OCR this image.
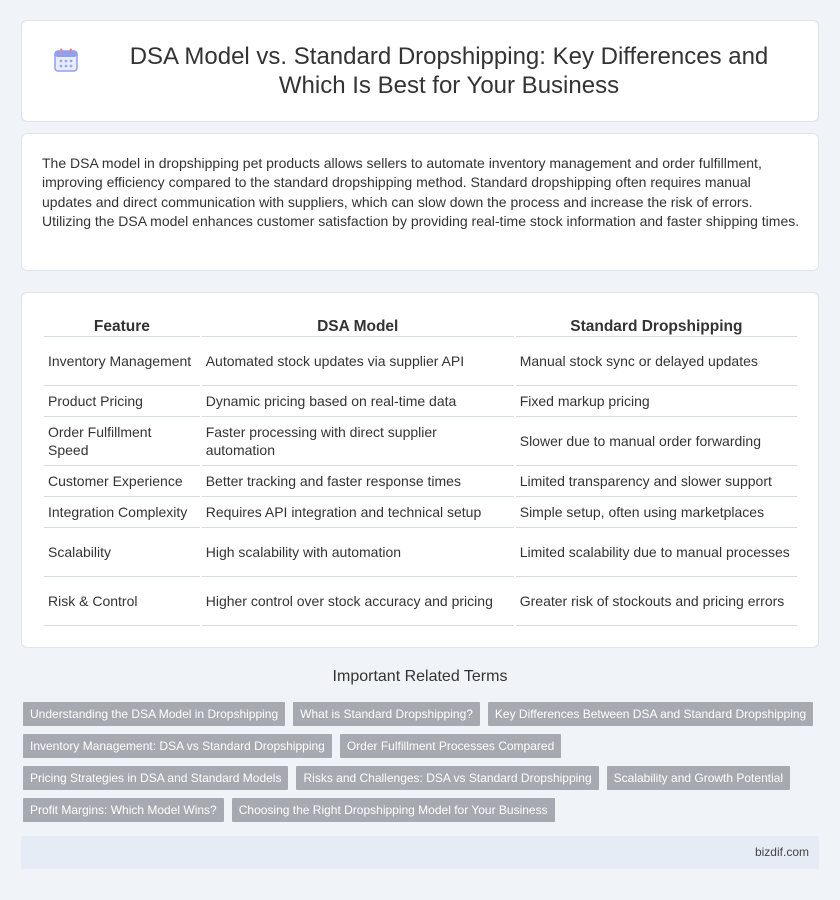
DSA Model vs. Standard Dropshipping: Key Differences and Which Is Best for Your Business

The DSA model in dropshipping pet products allows sellers to automate inventory management and order fulfillment, improving efficiency compared to the standard dropshipping method. Standard dropshipping often requires manual updates and direct communication with suppliers, which can slow down the process and increase the risk of errors. Utilizing the DSA model enhances customer satisfaction by providing real-time stock information and faster shipping times.

Feature	DSA Model	Standard Dropshipping
Inventory Management	Automated stock updates via supplier API	Manual stock sync or delayed updates
Product Pricing	Dynamic pricing based on real-time data	Fixed markup pricing
Order Fulfillment Speed	Faster processing with direct supplier automation	Slower due to manual order forwarding
Customer Experience	Better tracking and faster response times	Limited transparency and slower support
Integration Complexity	Requires API integration and technical setup	Simple setup, often using marketplaces
Scalability	High scalability with automation	Limited scalability due to manual processes
Risk & Control	Higher control over stock accuracy and pricing	Greater risk of stockouts and pricing errors
Important Related Terms
Understanding the DSA Model in Dropshipping	What is Standard Dropshipping?	Key Differences Between DSA and Standard Dropshipping
Inventory Management: DSA vs Standard Dropshipping	Order Fulfillment Processes Compared
Pricing Strategies in DSA and Standard Models	Risks and Challenges: DSA vs Standard Dropshipping	Scalability and Growth Potential
Profit Margins: Which Model Wins?	Choosing the Right Dropshipping Model for Your Business
bizdif.com
